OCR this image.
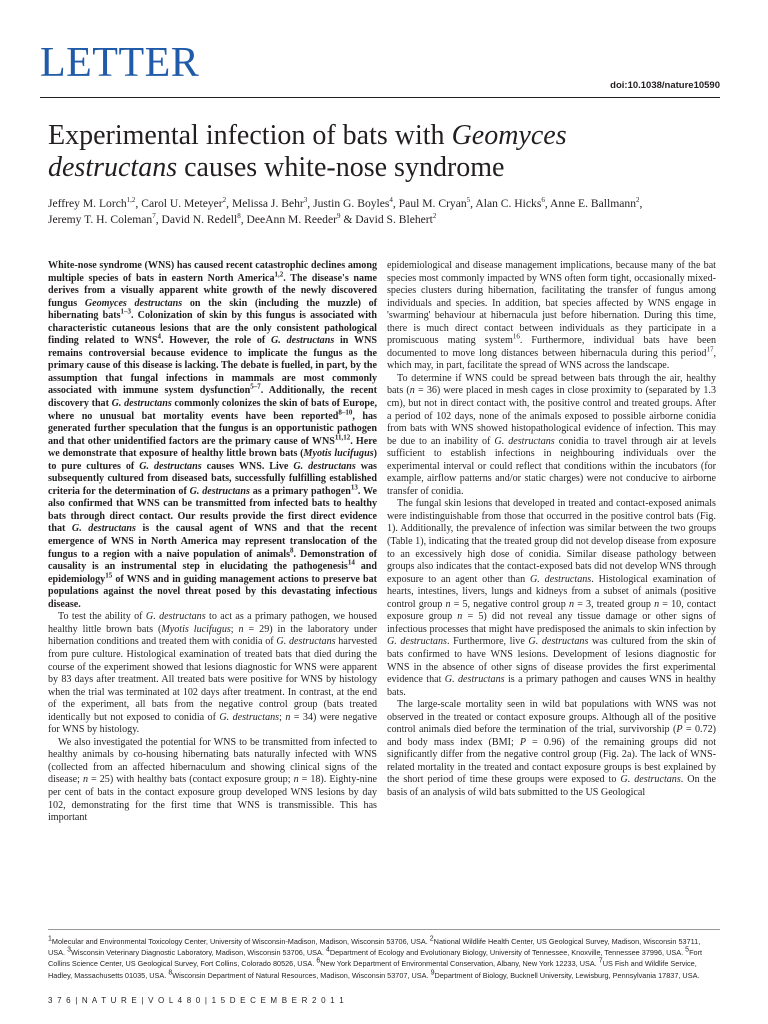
LETTER	doi:10.1038/nature10590
Experimental infection of bats with Geomyces
destructans causes white-nose syndrome
Jeffrey M. Lorch$^{1,2}$, Carol U. Meteyer$^2$, Melissa J. Behr$^3$, Justin G. Boyles$^4$, Paul M. Cryan$^5$, Alan C. Hicks$^6$, Anne E. Ballmann$^2$,
Jeremy T. H. Coleman$^7$, David N. Redell$^8$, DeeAnn M. Reeder$^9$ & David S. Blehert$^2$

White-nose syndrome (WNS) has caused recent catastrophic declines among multiple species of bats in eastern North America$^{1,2}$. The disease's name derives from a visually apparent white growth of the newly discovered fungus Geomyces destructans on the skin (including the muzzle) of hibernating bats$^{1-3}$. Colonization of skin by this fungus is associated with characteristic cutaneous lesions that are the only consistent pathological finding related to WNS$^4$. However, the role of G. destructans in WNS remains controversial because evidence to implicate the fungus as the primary cause of this disease is lacking. The debate is fuelled, in part, by the assumption that fungal infections in mammals are most commonly associated with immune system dysfunction$^{5-7}$. Additionally, the recent discovery that G. destructans commonly colonizes the skin of bats of Europe, where no unusual bat mortality events have been reported$^{8-10}$, has generated further speculation that the fungus is an opportunistic pathogen and that other unidentified factors are the primary cause of WNS$^{11,12}$. Here we demonstrate that exposure of healthy little brown bats (Myotis lucifugus) to pure cultures of G. destructans causes WNS. Live G. destructans was subsequently cultured from diseased bats, successfully fulfilling established criteria for the determination of G. destructans as a primary pathogen$^{13}$. We also confirmed that WNS can be transmitted from infected bats to healthy bats through direct contact. Our results provide the first direct evidence that G. destructans is the causal agent of WNS and that the recent emergence of WNS in North America may represent translocation of the fungus to a region with a naive population of animals$^8$. Demonstration of causality is an instrumental step in elucidating the pathogenesis$^{14}$ and epidemiology$^{15}$ of WNS and in guiding management actions to preserve bat populations against the novel threat posed by this devastating infectious disease.

To test the ability of G. destructans to act as a primary pathogen, we housed healthy little brown bats (Myotis lucifugus; n = 29) in the laboratory under hibernation conditions and treated them with conidia of G. destructans harvested from pure culture. Histological examination of treated bats that died during the course of the experiment showed that lesions diagnostic for WNS were apparent by 83 days after treatment. All treated bats were positive for WNS by histology when the trial was terminated at 102 days after treatment. In contrast, at the end of the experiment, all bats from the negative control group (bats treated identically but not exposed to conidia of G. destructans; n = 34) were negative for WNS by histology.

We also investigated the potential for WNS to be transmitted from infected to healthy animals by co-housing hibernating bats naturally infected with WNS (collected from an affected hibernaculum and showing clinical signs of the disease; n = 25) with healthy bats (contact exposure group; n = 18). Eighty-nine per cent of bats in the contact exposure group developed WNS lesions by day 102, demonstrating for the first time that WNS is transmissible. This has important

epidemiological and disease management implications, because many of the bat species most commonly impacted by WNS often form tight, occasionally mixed-species clusters during hibernation, facilitating the transfer of fungus among individuals and species. In addition, bat species affected by WNS engage in 'swarming' behaviour at hibernacula just before hibernation. During this time, there is much direct contact between individuals as they participate in a promiscuous mating system$^{16}$. Furthermore, individual bats have been documented to move long distances between hibernacula during this period$^{17}$, which may, in part, facilitate the spread of WNS across the landscape.

To determine if WNS could be spread between bats through the air, healthy bats (n = 36) were placed in mesh cages in close proximity to (separated by 1.3 cm), but not in direct contact with, the positive control and treated groups. After a period of 102 days, none of the animals exposed to possible airborne conidia from bats with WNS showed histopathological evidence of infection. This may be due to an inability of G. destructans conidia to travel through air at levels sufficient to establish infections in neighbouring individuals over the experimental interval or could reflect that conditions within the incubators (for example, airflow patterns and/or static charges) were not conducive to airborne transfer of conidia.

The fungal skin lesions that developed in treated and contact-exposed animals were indistinguishable from those that occurred in the positive control bats (Fig. 1). Additionally, the prevalence of infection was similar between the two groups (Table 1), indicating that the treated group did not develop disease from exposure to an excessively high dose of conidia. Similar disease pathology between groups also indicates that the contact-exposed bats did not develop WNS through exposure to an agent other than G. destructans. Histological examination of hearts, intestines, livers, lungs and kidneys from a subset of animals (positive control group n = 5, negative control group n = 3, treated group n = 10, contact exposure group n = 5) did not reveal any tissue damage or other signs of infectious processes that might have predisposed the animals to skin infection by G. destructans. Furthermore, live G. destructans was cultured from the skin of bats confirmed to have WNS lesions. Development of lesions diagnostic for WNS in the absence of other signs of disease provides the first experimental evidence that G. destructans is a primary pathogen and causes WNS in healthy bats.

The large-scale mortality seen in wild bat populations with WNS was not observed in the treated or contact exposure groups. Although all of the positive control animals died before the termination of the trial, survivorship (P = 0.72) and body mass index (BMI; P = 0.96) of the remaining groups did not significantly differ from the negative control group (Fig. 2a). The lack of WNS-related mortality in the treated and contact exposure groups is best explained by the short period of time these groups were exposed to G. destructans. On the basis of an analysis of wild bats submitted to the US Geological

$^1$Molecular and Environmental Toxicology Center, University of Wisconsin-Madison, Madison, Wisconsin 53706, USA. $^2$National Wildlife Health Center, US Geological Survey, Madison, Wisconsin 53711, USA. $^3$Wisconsin Veterinary Diagnostic Laboratory, Madison, Wisconsin 53706, USA. $^4$Department of Ecology and Evolutionary Biology, University of Tennessee, Knoxville, Tennessee 37996, USA. $^5$Fort Collins Science Center, US Geological Survey, Fort Collins, Colorado 80526, USA. $^6$New York Department of Environmental Conservation, Albany, New York 12233, USA. $^7$US Fish and Wildlife Service, Hadley, Massachusetts 01035, USA. $^8$Wisconsin Department of Natural Resources, Madison, Wisconsin 53707, USA. $^9$Department of Biology, Bucknell University, Lewisburg, Pennsylvania 17837, USA.
3 7 6 | N A T U R E | V O L 4 8 0 | 1 5 D E C E M B E R 2 0 1 1
